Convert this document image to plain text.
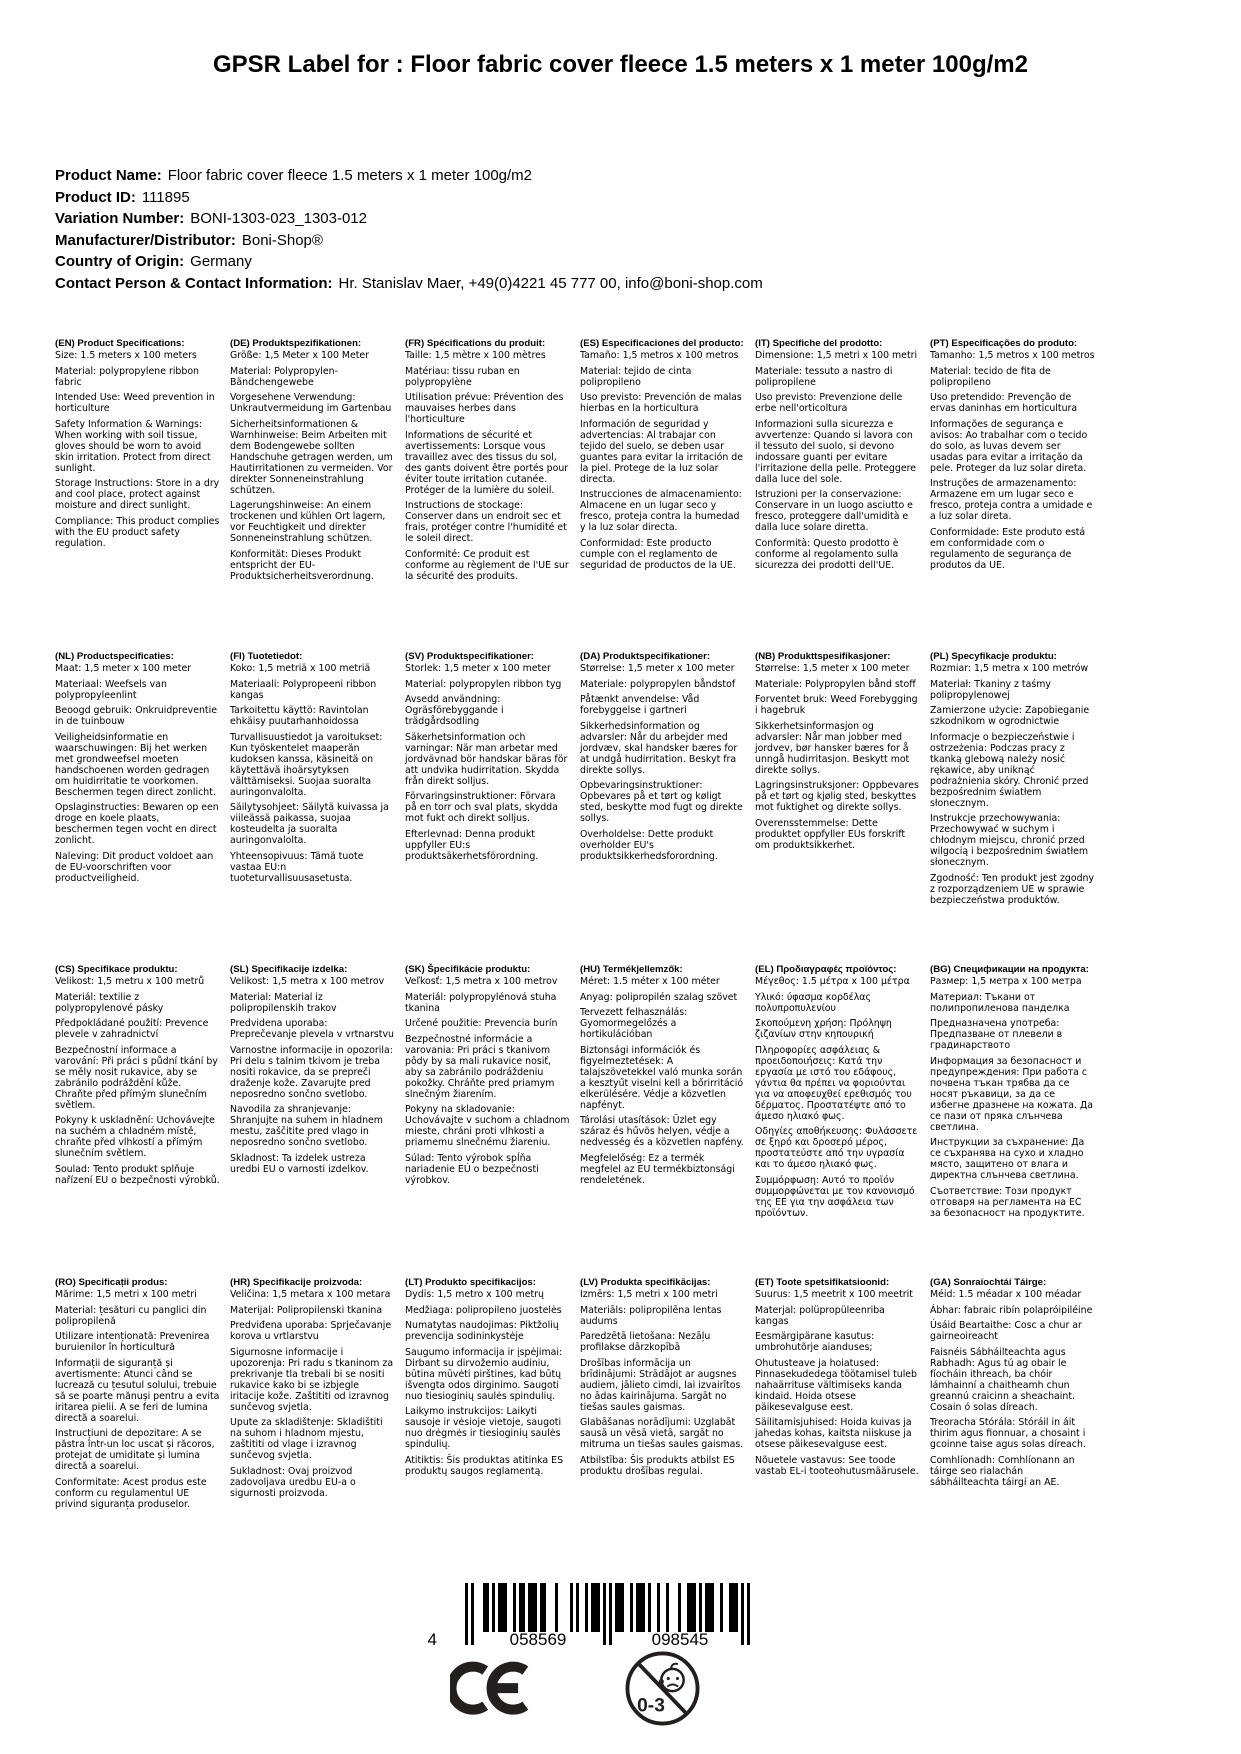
GPSR Label for : Floor fabric cover fleece 1.5 meters x 1 meter 100g/m2
Product Name: Floor fabric cover fleece 1.5 meters x 1 meter 100g/m2
Product ID: 111895
Variation Number: BONI-1303-023_1303-012
Manufacturer/Distributor: Boni-Shop®
Country of Origin: Germany
Contact Person & Contact Information: Hr. Stanislav Maer, +49(0)4221 45 777 00, info@boni-shop.com
(EN) Product Specifications:

Size: 1.5 meters x 100 meters

Material: polypropylene ribbon fabric

Intended Use: Weed prevention in horticulture

Safety Information & Warnings: When working with soil tissue, gloves should be worn to avoid skin irritation. Protect from direct sunlight.

Storage Instructions: Store in a dry and cool place, protect against moisture and direct sunlight.

Compliance: This product complies with the EU product safety regulation.

(DE) Produktspezifikationen:

Größe: 1,5 Meter x 100 Meter

Material: Polypropylen-Bändchengewebe

Vorgesehene Verwendung: Unkrautvermeidung im Gartenbau

Sicherheitsinformationen & Warnhinweise: Beim Arbeiten mit dem Bodengewebe sollten Handschuhe getragen werden, um Hautirritationen zu vermeiden. Vor direkter Sonneneinstrahlung schützen.

Lagerungshinweise: An einem trockenen und kühlen Ort lagern, vor Feuchtigkeit und direkter Sonneneinstrahlung schützen.

Konformität: Dieses Produkt entspricht der EU-Produktsicherheitsverordnung.

(FR) Spécifications du produit:

Taille: 1,5 mètre x 100 mètres

Matériau: tissu ruban en polypropylène

Utilisation prévue: Prévention des mauvaises herbes dans l'horticulture

Informations de sécurité et avertissements: Lorsque vous travaillez avec des tissus du sol, des gants doivent être portés pour éviter toute irritation cutanée. Protéger de la lumière du soleil.

Instructions de stockage: Conserver dans un endroit sec et frais, protéger contre l'humidité et le soleil direct.

Conformité: Ce produit est conforme au règlement de l'UE sur la sécurité des produits.

(ES) Especificaciones del producto:

Tamaño: 1,5 metros x 100 metros

Material: tejido de cinta polipropileno

Uso previsto: Prevención de malas hierbas en la horticultura

Información de seguridad y advertencias: Al trabajar con tejido del suelo, se deben usar guantes para evitar la irritación de la piel. Protege de la luz solar directa.

Instrucciones de almacenamiento: Almacene en un lugar seco y fresco, proteja contra la humedad y la luz solar directa.

Conformidad: Este producto cumple con el reglamento de seguridad de productos de la UE.

(IT) Specifiche del prodotto:

Dimensione: 1,5 metri x 100 metri

Materiale: tessuto a nastro di polipropilene

Uso previsto: Prevenzione delle erbe nell'orticoltura

Informazioni sulla sicurezza e avvertenze: Quando si lavora con il tessuto del suolo, si devono indossare guanti per evitare l'irritazione della pelle. Proteggere dalla luce del sole.

Istruzioni per la conservazione: Conservare in un luogo asciutto e fresco, proteggere dall'umidità e dalla luce solare diretta.

Conformità: Questo prodotto è conforme al regolamento sulla sicurezza dei prodotti dell'UE.

(PT) Especificações do produto:

Tamanho: 1,5 metros x 100 metros

Material: tecido de fita de polipropileno

Uso pretendido: Prevenção de ervas daninhas em horticultura

Informações de segurança e avisos: Ao trabalhar com o tecido do solo, as luvas devem ser usadas para evitar a irritação da pele. Proteger da luz solar direta.

Instruções de armazenamento: Armazene em um lugar seco e fresco, proteja contra a umidade e a luz solar direta.

Conformidade: Este produto está em conformidade com o regulamento de segurança de produtos da UE.

(NL) Productspecificaties:

Maat: 1,5 meter x 100 meter

Materiaal: Weefsels van polypropyleenlint

Beoogd gebruik: Onkruidpreventie in de tuinbouw

Veiligheidsinformatie en waarschuwingen: Bij het werken met grondweefsel moeten handschoenen worden gedragen om huidirritatie te voorkomen. Beschermen tegen direct zonlicht.

Opslaginstructies: Bewaren op een droge en koele plaats, beschermen tegen vocht en direct zonlicht.

Naleving: Dit product voldoet aan de EU-voorschriften voor productveiligheid.

(FI) Tuotetiedot:

Koko: 1,5 metriä x 100 metriä

Materiaali: Polypropeeni ribbon kangas

Tarkoitettu käyttö: Ravintolan ehkäisy puutarhanhoidossa

Turvallisuustiedot ja varoitukset: Kun työskentelet maaperän kudoksen kanssa, käsineitä on käytettävä ihoärsytyksen välttämiseksi. Suojaa suoralta auringonvalolta.

Säilytysohjeet: Säilytä kuivassa ja viileässä paikassa, suojaa kosteudelta ja suoralta auringonvalolta.

Yhteensopivuus: Tämä tuote vastaa EU:n tuoteturvallisuusasetusta.

(SV) Produktspecifikationer:

Storlek: 1,5 meter x 100 meter

Material: polypropylen ribbon tyg

Avsedd användning: Ogräsförebyggande i trädgårdsodling

Säkerhetsinformation och varningar: När man arbetar med jordvävnad bör handskar bäras för att undvika hudirritation. Skydda från direkt solljus.

Förvaringsinstruktioner: Förvara på en torr och sval plats, skydda mot fukt och direkt solljus.

Efterlevnad: Denna produkt uppfyller EU:s produktsäkerhetsförordning.

(DA) Produktspecifikationer:

Størrelse: 1,5 meter x 100 meter

Materiale: polypropylen båndstof

Påtænkt anvendelse: Våd forebyggelse i gartneri

Sikkerhedsinformation og advarsler: Når du arbejder med jordvæv, skal handsker bæres for at undgå hudirritation. Beskyt fra direkte sollys.

Opbevaringsinstruktioner: Opbevares på et tørt og køligt sted, beskytte mod fugt og direkte sollys.

Overholdelse: Dette produkt overholder EU's produktsikkerhedsforordning.

(NB) Produkttspesifikasjoner:

Størrelse: 1,5 meter x 100 meter

Materiale: Polypropylen bånd stoff

Forventet bruk: Weed Forebygging i hagebruk

Sikkerhetsinformasjon og advarsler: Når man jobber med jordvev, bør hansker bæres for å unngå hudirritasjon. Beskytt mot direkte sollys.

Lagringsinstruksjoner: Oppbevares på et tørt og kjølig sted, beskyttes mot fuktighet og direkte sollys.

Overensstemmelse: Dette produktet oppfyller EUs forskrift om produktsikkerhet.

(PL) Specyfikacje produktu:

Rozmiar: 1,5 metra x 100 metrów

Materiał: Tkaniny z taśmy polipropylenowej

Zamierzone użycie: Zapobieganie szkodnikom w ogrodnictwie

Informacje o bezpieczeństwie i ostrzeżenia: Podczas pracy z tkanką glebową należy nosić rękawice, aby uniknąć podrażnienia skóry. Chronić przed bezpośrednim światłem słonecznym.

Instrukcje przechowywania: Przechowywać w suchym i chłodnym miejscu, chronić przed wilgocią i bezpośrednim światłem słonecznym.

Zgodność: Ten produkt jest zgodny z rozporządzeniem UE w sprawie bezpieczeństwa produktów.

(CS) Specifikace produktu:

Velikost: 1,5 metru x 100 metrů

Materiál: textilie z polypropylenové pásky

Předpokládané použití: Prevence plevele v zahradnictví

Bezpečnostní informace a varování: Při práci s půdní tkání by se měly nosit rukavice, aby se zabránilo podráždění kůže. Chraňte před přímým slunečním světlem.

Pokyny k uskladnění: Uchovávejte na suchém a chladném místě, chraňte před vlhkostí a přímým slunečním světlem.

Soulad: Tento produkt splňuje nařízení EU o bezpečnosti výrobků.

(SL) Specifikacije izdelka:

Velikost: 1,5 metra x 100 metrov

Material: Material iz polipropilenskih trakov

Predvidena uporaba: Preprečevanje plevela v vrtnarstvu

Varnostne informacije in opozorila: Pri delu s talnim tkivom je treba nositi rokavice, da se prepreči draženje kože. Zavarujte pred neposredno sončno svetlobo.

Navodila za shranjevanje: Shranjujte na suhem in hladnem mestu, zaščitite pred vlago in neposredno sončno svetlobo.

Skladnost: Ta izdelek ustreza uredbi EU o varnosti izdelkov.

(SK) Špecifikácie produktu:

Veľkosť: 1,5 metra x 100 metrov

Materiál: polypropylénová stuha tkanina

Určené použitie: Prevencia burín

Bezpečnostné informácie a varovania: Pri práci s tkanivom pôdy by sa mali rukavice nosiť, aby sa zabránilo podráždeniu pokožky. Chráňte pred priamym slnečným žiarením.

Pokyny na skladovanie: Uchovávajte v suchom a chladnom mieste, chráni proti vlhkosti a priamemu slnečnému žiareniu.

Súlad: Tento výrobok spĺňa nariadenie EÚ o bezpečnosti výrobkov.

(HU) Termékjellemzők:

Méret: 1.5 méter x 100 méter

Anyag: polipropilén szalag szövet

Tervezett felhasználás: Gyomormegelőzés a hortikulációban

Biztonsági információk és figyelmeztetések: A talajszövetekkel való munka során a kesztyűt viselni kell a bőrirritáció elkerülésére. Védje a közvetlen napfényt.

Tárolási utasítások: Üzlet egy száraz és hűvös helyen, védje a nedvesség és a közvetlen napfény.

Megfelelőség: Ez a termék megfelel az EU termékbiztonsági rendeletének.

(EL) Προδιαγραφές προϊόντος:

Μέγεθος: 1.5 μέτρα x 100 μέτρα

Υλικό: ύφασμα κορδέλας πολυπροπυλενίου

Σκοπούμενη χρήση: Πρόληψη ζιζανίων στην κηπουρική

Πληροφορίες ασφάλειας & προειδοποιήσεις: Κατά την εργασία με ιστό του εδάφους, γάντια θα πρέπει να φοριούνται για να αποφευχθεί ερεθισμός του δέρματος. Προστατέψτε από το άμεσο ηλιακό φως.

Οδηγίες αποθήκευσης: Φυλάσσετε σε ξηρό και δροσερό μέρος, προστατεύστε από την υγρασία και το άμεσο ηλιακό φως.

Συμμόρφωση: Αυτό το προϊόν συμμορφώνεται με τον κανονισμό της ΕΕ για την ασφάλεια των προϊόντων.

(BG) Спецификации на продукта:

Размер: 1,5 метра x 100 метра

Материал: Тъкани от полипропиленова панделка

Предназначена употреба: Предпазване от плевели в градинарството

Информация за безопасност и предупреждения: При работа с почвена тъкан трябва да се носят ръкавици, за да се избегне дразнене на кожата. Да се пази от пряка слънчева светлина.

Инструкции за съхранение: Да се съхранява на сухо и хладно място, защитено от влага и директна слънчева светлина.

Съответствие: Този продукт отговаря на регламента на ЕС за безопасност на продуктите.

(RO) Specificații produs:

Mărime: 1,5 metri x 100 metri

Material: țesături cu panglici din polipropilenă

Utilizare intenționată: Prevenirea buruienilor în horticultură

Informații de siguranță și avertismente: Atunci când se lucrează cu țesutul solului, trebuie să se poarte mănuși pentru a evita iritarea pielii. A se feri de lumina directă a soarelui.

Instrucțiuni de depozitare: A se păstra într-un loc uscat și răcoros, protejat de umiditate și lumina directă a soarelui.

Conformitate: Acest produs este conform cu regulamentul UE privind siguranța produselor.

(HR) Specifikacije proizvoda:

Veličina: 1,5 metara x 100 metara

Materijal: Polipropilenski tkanina

Predviđena uporaba: Sprječavanje korova u vrtlarstvu

Sigurnosne informacije i upozorenja: Pri radu s tkaninom za prekrivanje tla trebali bi se nositi rukavice kako bi se izbjegle iritacije kože. Zaštititi od izravnog sunčevog svjetla.

Upute za skladištenje: Skladištiti na suhom i hladnom mjestu, zaštititi od vlage i izravnog sunčevog svjetla.

Sukladnost: Ovaj proizvod zadovoljava uredbu EU-a o sigurnosti proizvoda.

(LT) Produkto specifikacijos:

Dydis: 1,5 metro x 100 metrų

Medžiaga: polipropileno juostelės

Numatytas naudojimas: Piktžolių prevencija sodininkystėje

Saugumo informacija ir įspėjimai: Dirbant su dirvožemio audiniu, būtina mūvėti pirštines, kad būtų išvengta odos dirginimo. Saugoti nuo tiesioginių saulės spindulių.

Laikymo instrukcijos: Laikyti sausoje ir vėsioje vietoje, saugoti nuo drėgmės ir tiesioginių saulės spindulių.

Atitiktis: Šis produktas atitinka ES produktų saugos reglamentą.

(LV) Produkta specifikācijas:

Izmērs: 1,5 metri x 100 metri

Materiāls: polipropilēna lentas audums

Paredzētā lietošana: Nezāļu profilakse dārzkopībā

Drošības informācija un brīdinājumi: Strādājot ar augsnes audiem, jālieto cimdi, lai izvairītos no ādas kairinājuma. Sargāt no tiešas saules gaismas.

Glabāšanas norādījumi: Uzglabāt sausā un vēsā vietā, sargāt no mitruma un tiešas saules gaismas.

Atbilstība: Šis produkts atbilst ES produktu drošības regulai.

(ET) Toote spetsifikatsioonid:

Suurus: 1,5 meetrit x 100 meetrit

Materjal: polüpropüleenriba kangas

Eesmärgipärane kasutus: umbrohutõrje aianduses;

Ohutusteave ja hoiatused: Pinnasekudedega töötamisel tuleb nahaärrituse vältimiseks kanda kindaid. Hoida otsese päikesevalguse eest.

Säilitamisjuhised: Hoida kuivas ja jahedas kohas, kaitsta niiskuse ja otsese päikesevalguse eest.

Nõuetele vastavus: See toode vastab EL-i tooteohutusmäärusele.

(GA) Sonraíochtáí Táirge:

Méid: 1.5 méadar x 100 méadar

Ábhar: fabraic ribín polapróipiléine

Úsáid Beartaithe: Cosc a chur ar gairneoireacht

Faisnéis Sábháilteachta agus Rabhadh: Agus tú ag obair le fíocháin ithreach, ba chóir lámhainní a chaitheamh chun greannú craicinn a sheachaint. Cosain ó solas díreach.

Treoracha Stórála: Stóráil in áit thirim agus fionnuar, a chosaint i gcoinne taise agus solas díreach.

Comhlíonadh: Comhlíonann an táirge seo rialachán sábháilteachta táirgí an AE.

4	058569	098545
0-3
